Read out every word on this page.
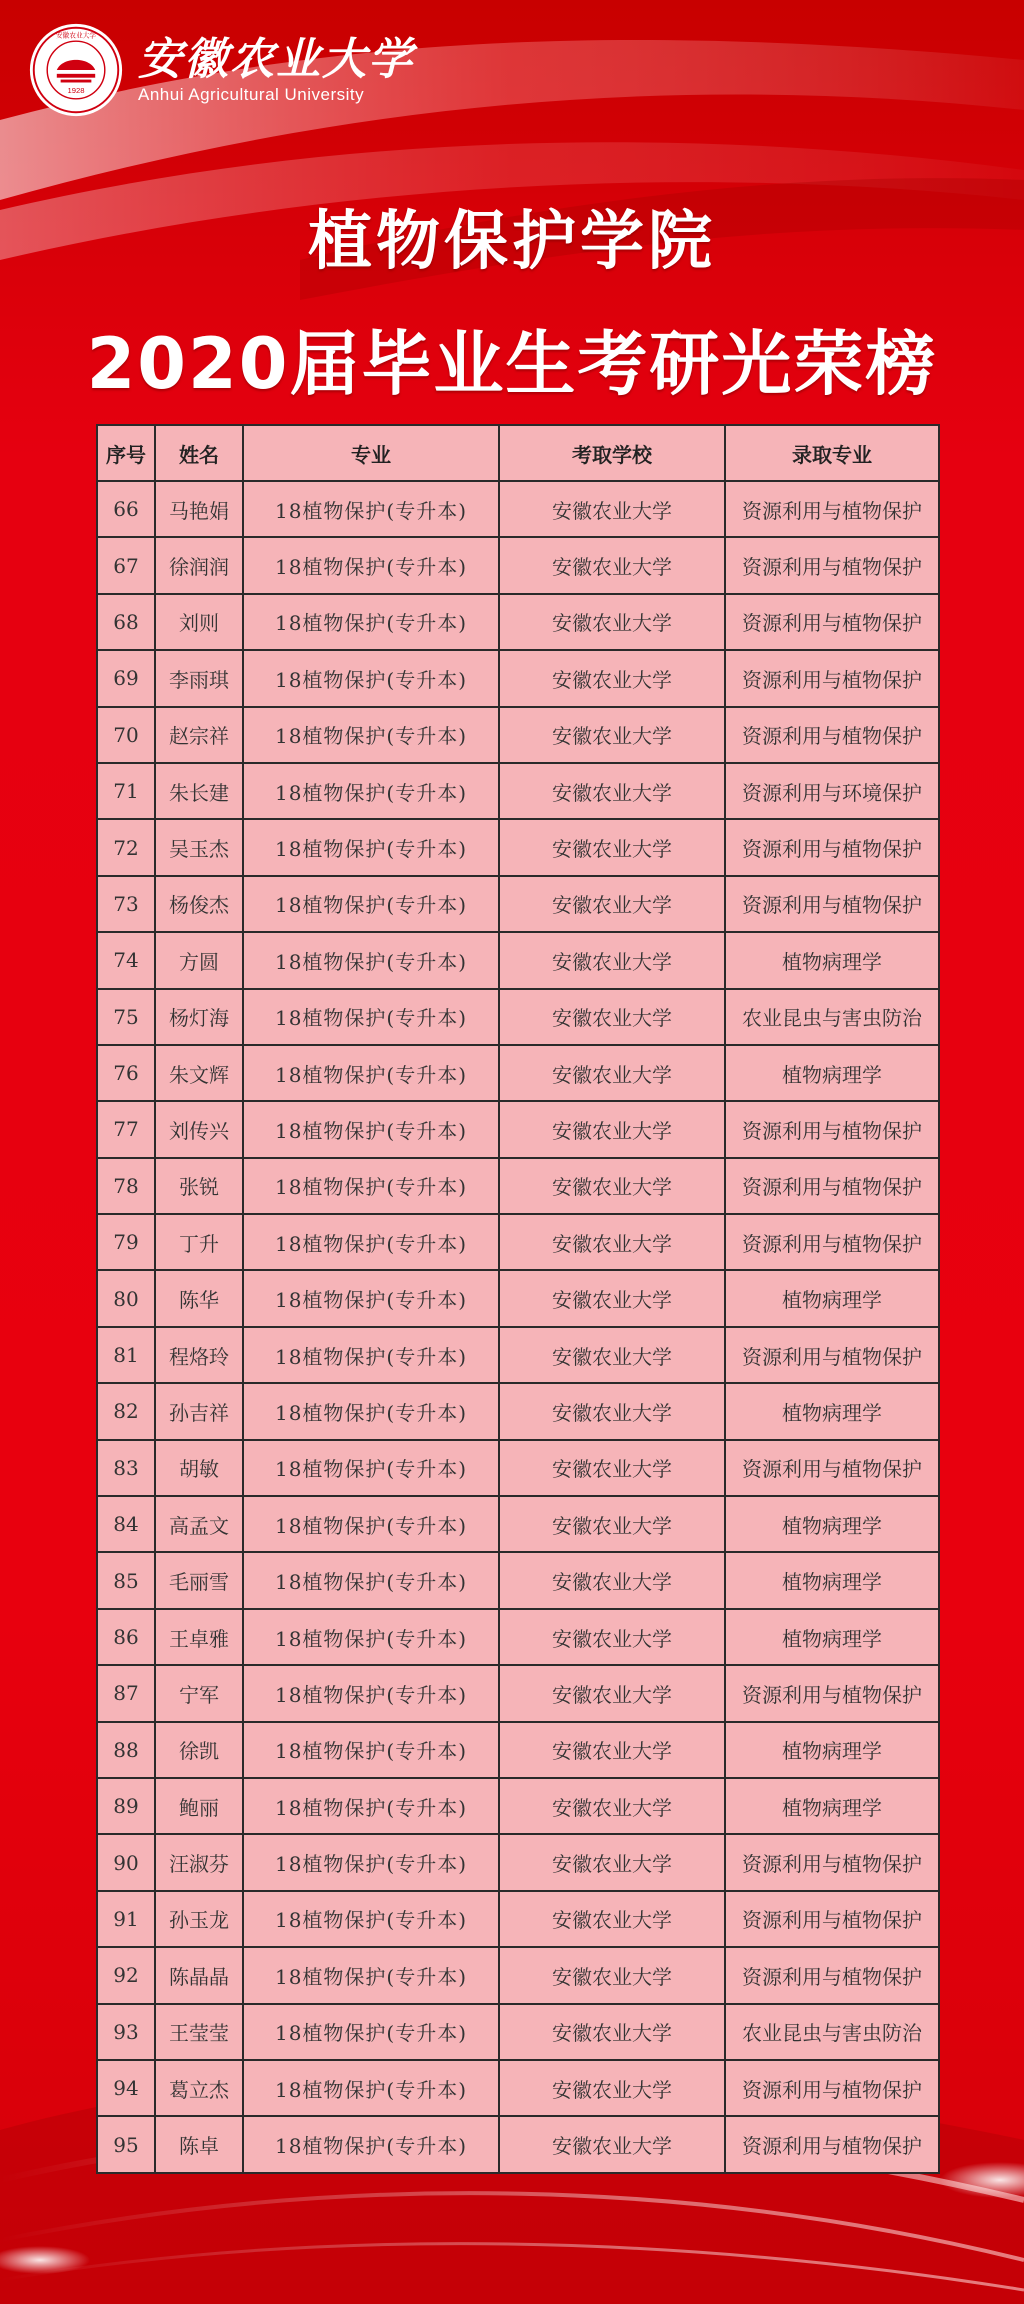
1928
安徽农业大学 安徽农业大学
Anhui Agricultural University
植物保护学院
2020届毕业生考研光荣榜
序号	姓名	专业	考取学校	录取专业
66	马艳娟	18植物保护(专升本)	安徽农业大学	资源利用与植物保护
67	徐润润	18植物保护(专升本)	安徽农业大学	资源利用与植物保护
68	刘则	18植物保护(专升本)	安徽农业大学	资源利用与植物保护
69	李雨琪	18植物保护(专升本)	安徽农业大学	资源利用与植物保护
70	赵宗祥	18植物保护(专升本)	安徽农业大学	资源利用与植物保护
71	朱长建	18植物保护(专升本)	安徽农业大学	资源利用与环境保护
72	吴玉杰	18植物保护(专升本)	安徽农业大学	资源利用与植物保护
73	杨俊杰	18植物保护(专升本)	安徽农业大学	资源利用与植物保护
74	方圆	18植物保护(专升本)	安徽农业大学	植物病理学
75	杨灯海	18植物保护(专升本)	安徽农业大学	农业昆虫与害虫防治
76	朱文辉	18植物保护(专升本)	安徽农业大学	植物病理学
77	刘传兴	18植物保护(专升本)	安徽农业大学	资源利用与植物保护
78	张锐	18植物保护(专升本)	安徽农业大学	资源利用与植物保护
79	丁升	18植物保护(专升本)	安徽农业大学	资源利用与植物保护
80	陈华	18植物保护(专升本)	安徽农业大学	植物病理学
81	程烙玲	18植物保护(专升本)	安徽农业大学	资源利用与植物保护
82	孙吉祥	18植物保护(专升本)	安徽农业大学	植物病理学
83	胡敏	18植物保护(专升本)	安徽农业大学	资源利用与植物保护
84	高孟文	18植物保护(专升本)	安徽农业大学	植物病理学
85	毛丽雪	18植物保护(专升本)	安徽农业大学	植物病理学
86	王卓雅	18植物保护(专升本)	安徽农业大学	植物病理学
87	宁军	18植物保护(专升本)	安徽农业大学	资源利用与植物保护
88	徐凯	18植物保护(专升本)	安徽农业大学	植物病理学
89	鲍丽	18植物保护(专升本)	安徽农业大学	植物病理学
90	汪淑芬	18植物保护(专升本)	安徽农业大学	资源利用与植物保护
91	孙玉龙	18植物保护(专升本)	安徽农业大学	资源利用与植物保护
92	陈晶晶	18植物保护(专升本)	安徽农业大学	资源利用与植物保护
93	王莹莹	18植物保护(专升本)	安徽农业大学	农业昆虫与害虫防治
94	葛立杰	18植物保护(专升本)	安徽农业大学	资源利用与植物保护
95	陈卓	18植物保护(专升本)	安徽农业大学	资源利用与植物保护
